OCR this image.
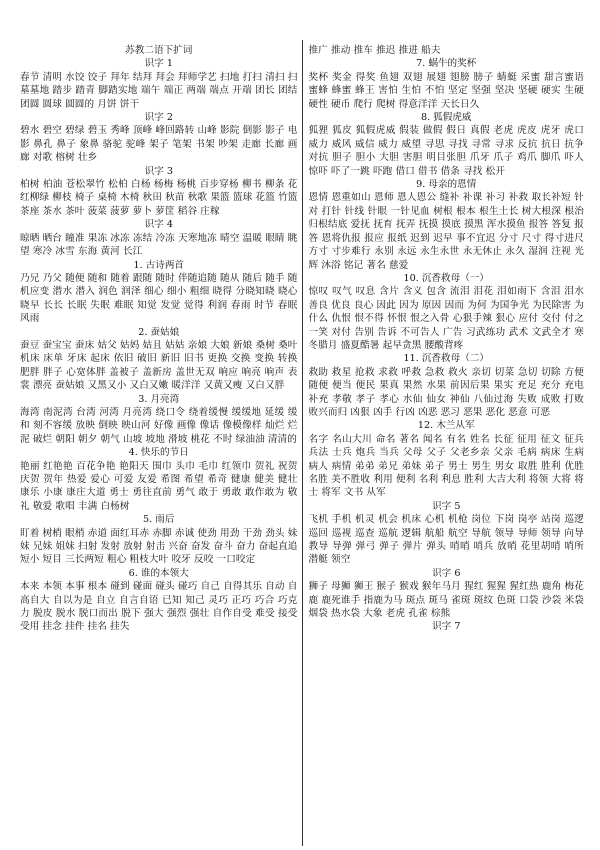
苏教二语下扩词

识字 1

春节 清明 水饺 饺子 拜年 结拜 拜会 拜师学艺 扫地 打扫 清扫 扫墓墓地 踏步 踏青 脚踏实地 端午 端正 两端 端点 开端 团长 团结 团圆 圆球 圆圆的 月饼 饼干

识字 2

碧水 碧空 碧绿 碧玉 秀峰 顶峰 峰回路转 山峰 影院 倒影 影子 电影 鼻孔 鼻子 象鼻 骆驼 驼峰 架子 笔架 书架 吵架 走廊 长廊 画廊 对歌 榕树 壮乡

识字 3

柏树 柏油 苍松翠竹 松柏 白杨 杨梅 杨桃 百步穿杨 柳书 柳条 花红柳绿 柳枝 椅子 桌椅 木椅 秋田 秋苗 秋歌 果篮 篮球 花篮 竹篮 茶座 茶水 茶叶 菠菜 菠萝 萝卜 萝筐 稻谷 庄稼

识字 4

晾晒 晒台 瞳准 果冻 冰冻 冻结 冷冻 天寒地冻 晴空 温暖 眼睛 眺望 寒冷 冰雪 东海 黄河 长江

1. 古诗两首

乃兄 乃父 随便 随和 随着 跟随 随时 伴随追随 随从 随后 随手 随机应变 潜水 潜入 润色 润泽 细心 细小 粗细 晓得 分晓知晓 晓心 晓早 长长 长眠 失眠 难眠 知觉 发觉 觉得 利润 春雨 时节 春眠 风雨

2. 蚕姑娘

蚕豆 蚕宝宝 蚕床 姑父 姑妈 姑且 姑姑 亲娘 大娘 新娘 桑树 桑叶 机床 床单 牙床 起床 依旧 破旧 新旧 旧书 更换 交换 变换 转换 肥胖 胖子 心宽体胖 盖被子 盖新房 盖世无双 响应 响亮 响声 表裳 漂亮 蚕姑娘 又黑又小 又白又嫩 暖洋洋 又黄又瘦 又白又胖

3. 月亮湾

海湾 南泥湾 台湾 河湾 月亮湾 绕口令 绕着缓慢 缓缓地 延缓 缓和 刻不容缓 放映 倒映 映山河 好像 画像 像话 像模像样 灿烂 烂泥 破烂 朝阳 朝夕 朝气 山坡 坡地 滑坡 桃花 不时 绿油油 清清的

4. 快乐的节日

艳丽 红艳艳 百花争艳 艳阳天 围巾 头巾 毛巾 红领巾 贺礼 祝贺 庆贺 贺年 热爱 爱心 可爱 友爱 希图 希望 希奇 健康 健美 健壮 康乐 小康 康庄大道 勇士 勇往直前 勇气 敢于 勇敢 敢作敢为 敬礼 敬爱 歌唱 丰满 白杨树

5. 雨后

盯着 树梢 眼梢 赤道 面红耳赤 赤脚 赤诚 使劲 用劲 干劲 劲头 妹妹 兄妹 姐妹 扫射 发射 放射 射击 兴奋 奋发 奋斗 奋力 奋起直追 短小 短目 三长两短 粗心 粗枝大叶 咬牙 反咬 一口咬定

6. 谁的本领大

本来 本领 本事 根本 碰到 碰面 碰头 碰巧 自己 自得其乐 自动 自高自大 自以为是 自立 自言自语 已知 知己 灵巧 正巧 巧合 巧克力 脱皮 脱水 脱口而出 脱下 强大 强烈 强壮 自作自受 难受 接受 受用 挂念 挂件 挂名 挂失

推广 推动 推车 推迟 推进 船夫

7. 蜗牛的奖杯

奖杯 奖金 得奖 鱼翅 双翅 展翅 翅膀 膀子 蜻蜓 采蜜 甜言蜜语 蜜蜂 蜂蜜 蜂王 害怕 生怕 不怕 坚定 坚强 坚决 坚硬 硬实 生硬 硬性 硬币 爬行 爬树 得意洋洋 天长日久

8. 狐假虎威

狐狸 狐皮 狐假虎威 假装 做假 假日 真假 老虎 虎皮 虎牙 虎口 威力 威风 威信 威力 威望 寻思 寻找 寻常 寻求 反抗 抗日 抗争 对抗 胆子 胆小 大胆 害胆 明目张胆 爪牙 爪子 鸡爪 脚爪 吓人 惊吓 吓了一跳 吓跑 借口 借书 借条 寻找 松开

9. 母亲的恩情

恩情 恩重如山 恩师 恩人恩公 缝补 补课 补习 补救 取长补短 针对 打针 针线 针眼 一针见血 树根 根本 根生土长 树大根深 根治 归根结底 爱抚 抚育 抚弄 抚摸 摸底 摸黑 浑水摸鱼 报答 答复 报答 恩将仇报 报应 报纸 迟到 迟早 事不宜迟 分寸 尺寸 得寸进尺 方寸 寸步难行 永别 永远 永生永世 永无休止 永久 湿润 注视 光辉 沐浴 铭记 著名 慈爱

10. 沉香救母（一）

惊叹 叹气 叹息 含片 含义 包含 流泪 泪花 泪如雨下 含泪 泪水 善良 优良 良心 因此 因为 原因 因而 为何 为国争光 为民除害 为什么 仇恨 恨不得 怀恨 恨之入骨 心狠手辣 狠心 应付 交付 付之一笑 对付 告别 告诉 不可告人 广告 习武练功 武术 文武全才 寒冬腊月 盛夏酷暑 起早贪黑 腰酸背疼

11. 沉香救母（二）

救助 救星 抢救 求救 呼救 急救 救火 亲切 切菜 急切 切除 方便 随便 便当 便民 果真 果然 水果 前因后果 果实 充足 充分 充电 补充 孝敬 孝子 孝心 水仙 仙女 神仙 八仙过海 失败 成败 打败 败兴而归 凶狠 凶手 行凶 凶恶 恶习 恶果 恶化 恶意 可恶

12. 木兰从军

名字 名山大川 命名 著名 闻名 有名 姓名 长征 征用 征文 征兵 兵法 士兵 炮兵 当兵 父母 父子 父老乡亲 父亲 毛病 病床 生病 病人 病情 弟弟 弟兄 弟妹 弟子 男士 男生 男女 取胜 胜利 优胜 名胜 美不胜收 利用 便利 名利 利息 胜利 大吉大利 将领 大将 将士 将军 文书 从军

识字 5

飞机 手机 机灵 机会 机床 心机 机枪 岗位 下岗 岗亭 站岗 巡逻 巡回 巡视 巡查 巡航 逻辑 航船 航空 导航 领导 导师 领导 向导 教导 导弹 弹弓 弹子 弹片 弹头 哨哨 哨兵 放哨 花里胡哨 哨所 潜艇 领空

识字 6

狮子 母狮 狮王 猴子 猴戏 猴年马月 猩红 猩猩 猩红热 鹿角 梅花鹿 鹿死谁手 指鹿为马 斑点 斑马 雀斑 斑纹 色斑 口袋 沙袋 米袋 烟袋 热水袋 大象 老虎 孔雀 棕熊

识字 7
